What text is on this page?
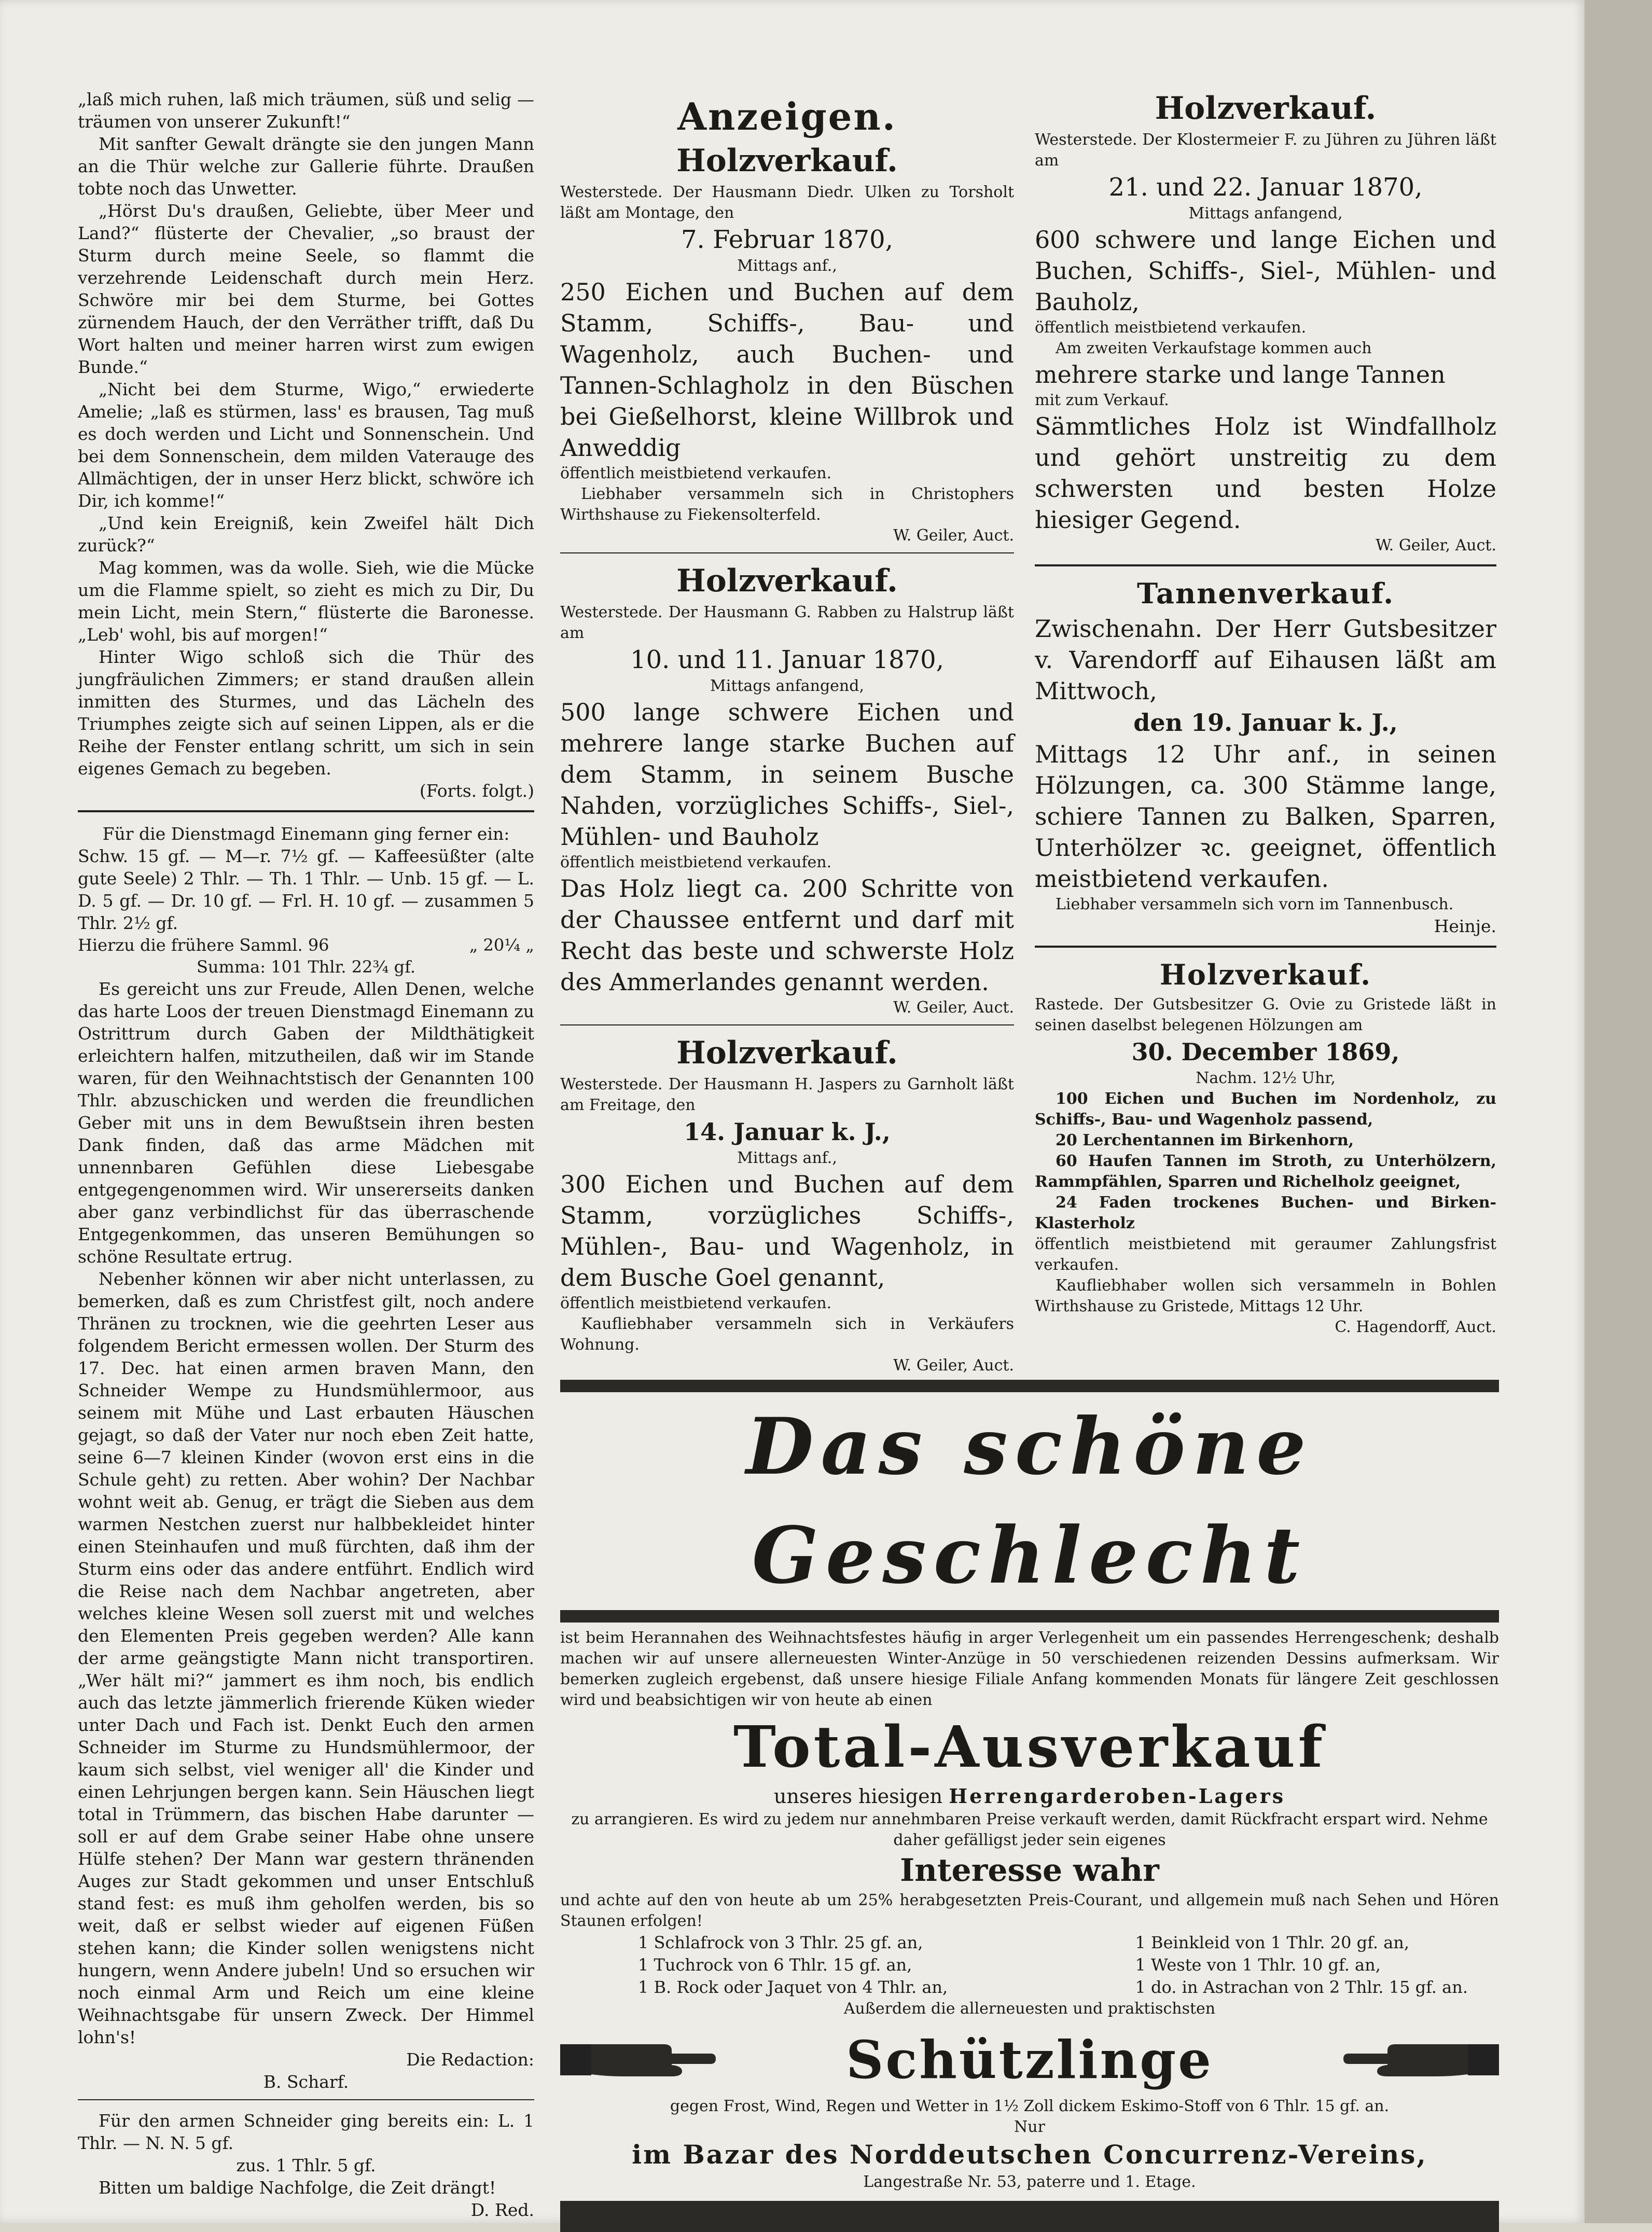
„laß mich ruhen, laß mich träumen, süß und selig — träumen von unserer Zukunft!“

Mit sanfter Gewalt drängte sie den jungen Mann an die Thür welche zur Gallerie führte. Draußen tobte noch das Unwetter.

„Hörst Du's draußen, Geliebte, über Meer und Land?“ flüsterte der Chevalier, „so braust der Sturm durch meine Seele, so flammt die verzehrende Leidenschaft durch mein Herz. Schwöre mir bei dem Sturme, bei Gottes zürnendem Hauch, der den Verräther trifft, daß Du Wort halten und meiner harren wirst zum ewigen Bunde.“

„Nicht bei dem Sturme, Wigo,“ erwiederte Amelie; „laß es stürmen, lass' es brausen, Tag muß es doch werden und Licht und Sonnenschein. Und bei dem Sonnenschein, dem milden Vaterauge des Allmächtigen, der in unser Herz blickt, schwöre ich Dir, ich komme!“

„Und kein Ereigniß, kein Zweifel hält Dich zurück?“

Mag kommen, was da wolle. Sieh, wie die Mücke um die Flamme spielt, so zieht es mich zu Dir, Du mein Licht, mein Stern,“ flüsterte die Baronesse. „Leb' wohl, bis auf morgen!“

Hinter Wigo schloß sich die Thür des jungfräulichen Zimmers; er stand draußen allein inmitten des Sturmes, und das Lächeln des Triumphes zeigte sich auf seinen Lippen, als er die Reihe der Fenster entlang schritt, um sich in sein eigenes Gemach zu begeben.

(Forts. folgt.)

Für die Dienstmagd Einemann ging ferner ein:

Schw. 15 gf. — M—r. 7½ gf. — Kaffeesüßter (alte gute Seele) 2 Thlr. — Th. 1 Thlr. — Unb. 15 gf. — L. D. 5 gf. — Dr. 10 gf. — Frl. H. 10 gf. — zusammen 5 Thlr. 2½ gf.

Hierzu die frühere Samml. 96	„ 20¼ „

Summa: 101 Thlr. 22¾ gf.

Es gereicht uns zur Freude, Allen Denen, welche das harte Loos der treuen Dienstmagd Einemann zu Ostrittrum durch Gaben der Mildthätigkeit erleichtern halfen, mitzutheilen, daß wir im Stande waren, für den Weihnachtstisch der Genannten 100 Thlr. abzuschicken und werden die freundlichen Geber mit uns in dem Bewußtsein ihren besten Dank finden, daß das arme Mädchen mit unnennbaren Gefühlen diese Liebesgabe entgegengenommen wird. Wir unsererseits danken aber ganz verbindlichst für das überraschende Entgegenkommen, das unseren Bemühungen so schöne Resultate ertrug.

Nebenher können wir aber nicht unterlassen, zu bemerken, daß es zum Christfest gilt, noch andere Thränen zu trocknen, wie die geehrten Leser aus folgendem Bericht ermessen wollen. Der Sturm des 17. Dec. hat einen armen braven Mann, den Schneider Wempe zu Hundsmühlermoor, aus seinem mit Mühe und Last erbauten Häuschen gejagt, so daß der Vater nur noch eben Zeit hatte, seine 6—7 kleinen Kinder (wovon erst eins in die Schule geht) zu retten. Aber wohin? Der Nachbar wohnt weit ab. Genug, er trägt die Sieben aus dem warmen Nestchen zuerst nur halbbekleidet hinter einen Steinhaufen und muß fürchten, daß ihm der Sturm eins oder das andere entführt. Endlich wird die Reise nach dem Nachbar angetreten, aber welches kleine Wesen soll zuerst mit und welches den Elementen Preis gegeben werden? Alle kann der arme geängstigte Mann nicht transportiren. „Wer hält mi?“ jammert es ihm noch, bis endlich auch das letzte jämmerlich frierende Küken wieder unter Dach und Fach ist. Denkt Euch den armen Schneider im Sturme zu Hundsmühlermoor, der kaum sich selbst, viel weniger all' die Kinder und einen Lehrjungen bergen kann. Sein Häuschen liegt total in Trümmern, das bischen Habe darunter — soll er auf dem Grabe seiner Habe ohne unsere Hülfe stehen? Der Mann war gestern thränenden Auges zur Stadt gekommen und unser Entschluß stand fest: es muß ihm geholfen werden, bis so weit, daß er selbst wieder auf eigenen Füßen stehen kann; die Kinder sollen wenigstens nicht hungern, wenn Andere jubeln! Und so ersuchen wir noch einmal Arm und Reich um eine kleine Weihnachtsgabe für unsern Zweck. Der Himmel lohn's!

Die Redaction:

B. Scharf.

Für den armen Schneider ging bereits ein: L. 1 Thlr. — N. N. 5 gf.

zus. 1 Thlr. 5 gf.

Bitten um baldige Nachfolge, die Zeit drängt!

D. Red.

Anzeigen.
Holzverkauf.

Westerstede. Der Hausmann Diedr. Ulken zu Torsholt läßt am Montage, den

7. Februar 1870,

Mittags anf.,

250 Eichen und Buchen auf dem Stamm, Schiffs-, Bau- und Wagenholz, auch Buchen- und Tannen-Schlagholz in den Büschen bei Gießelhorst, kleine Willbrok und Anweddig

öffentlich meistbietend verkaufen.

Liebhaber versammeln sich in Christophers Wirthshause zu Fiekensolterfeld.

W. Geiler, Auct.

Holzverkauf.

Westerstede. Der Hausmann G. Rabben zu Halstrup läßt am

10. und 11. Januar 1870,

Mittags anfangend,

500 lange schwere Eichen und mehrere lange starke Buchen auf dem Stamm, in seinem Busche Nahden, vorzügliches Schiffs-, Siel-, Mühlen- und Bauholz

öffentlich meistbietend verkaufen.

Das Holz liegt ca. 200 Schritte von der Chaussee entfernt und darf mit Recht das beste und schwerste Holz des Ammerlandes genannt werden.

W. Geiler, Auct.

Holzverkauf.

Westerstede. Der Hausmann H. Jaspers zu Garnholt läßt am Freitage, den

14. Januar k. J.,

Mittags anf.,

300 Eichen und Buchen auf dem Stamm, vorzügliches Schiffs-, Mühlen-, Bau- und Wagenholz, in dem Busche Goel genannt,

öffentlich meistbietend verkaufen.

Kaufliebhaber versammeln sich in Verkäufers Wohnung.

W. Geiler, Auct.

Holzverkauf.

Westerstede. Der Klostermeier F. zu Jühren zu Jühren läßt am

21. und 22. Januar 1870,

Mittags anfangend,

600 schwere und lange Eichen und Buchen, Schiffs-, Siel-, Mühlen- und Bauholz,

öffentlich meistbietend verkaufen.

Am zweiten Verkaufstage kommen auch

mehrere starke und lange Tannen

mit zum Verkauf.

Sämmtliches Holz ist Windfallholz und gehört unstreitig zu dem schwersten und besten Holze hiesiger Gegend.

W. Geiler, Auct.

Tannenverkauf.

Zwischenahn. Der Herr Gutsbesitzer v. Varendorff auf Eihausen läßt am Mittwoch,

den 19. Januar k. J.,

Mittags 12 Uhr anf., in seinen Hölzungen, ca. 300 Stämme lange, schiere Tannen zu Balken, Sparren, Unterhölzer ꝛc. geeignet, öffentlich meistbietend verkaufen.

Liebhaber versammeln sich vorn im Tannenbusch.

Heinje.

Holzverkauf.

Rastede. Der Gutsbesitzer G. Ovie zu Gristede läßt in seinen daselbst belegenen Hölzungen am

30. December 1869,

Nachm. 12½ Uhr,

100 Eichen und Buchen im Nordenholz, zu Schiffs-, Bau- und Wagenholz passend,

20 Lerchentannen im Birkenhorn,

60 Haufen Tannen im Stroth, zu Unterhölzern, Rammpfählen, Sparren und Richelholz geeignet,

24 Faden trockenes Buchen- und Birken-Klasterholz

öffentlich meistbietend mit geraumer Zahlungsfrist verkaufen.

Kaufliebhaber wollen sich versammeln in Bohlen Wirthshause zu Gristede, Mittags 12 Uhr.

C. Hagendorff, Auct.

Das schöne Geschlecht

ist beim Herannahen des Weihnachtsfestes häufig in arger Verlegenheit um ein passendes Herrengeschenk; deshalb machen wir auf unsere allerneuesten Winter-Anzüge in 50 verschiedenen reizenden Dessins aufmerksam. Wir bemerken zugleich ergebenst, daß unsere hiesige Filiale Anfang kommenden Monats für längere Zeit geschlossen wird und beabsichtigen wir von heute ab einen

Total-Ausverkauf

unseres hiesigen Herrengarderoben-Lagers

zu arrangieren. Es wird zu jedem nur annehmbaren Preise verkauft werden, damit Rückfracht erspart wird. Nehme daher gefälligst jeder sein eigenes

Interesse wahr

und achte auf den von heute ab um 25% herabgesetzten Preis-Courant, und allgemein muß nach Sehen und Hören Staunen erfolgen!

1 Schlafrock von 3 Thlr. 25 gf. an,

1 Tuchrock von 6 Thlr. 15 gf. an,

1 B. Rock oder Jaquet von 4 Thlr. an,

1 Beinkleid von 1 Thlr. 20 gf. an,

1 Weste von 1 Thlr. 10 gf. an,

1 do. in Astrachan von 2 Thlr. 15 gf. an.

Außerdem die allerneuesten und praktischsten

Schützlinge

gegen Frost, Wind, Regen und Wetter in 1½ Zoll dickem Eskimo-Stoff von 6 Thlr. 15 gf. an.

Nur

im Bazar des Norddeutschen Concurrenz-Vereins,

Langestraße Nr. 53, paterre und 1. Etage.
